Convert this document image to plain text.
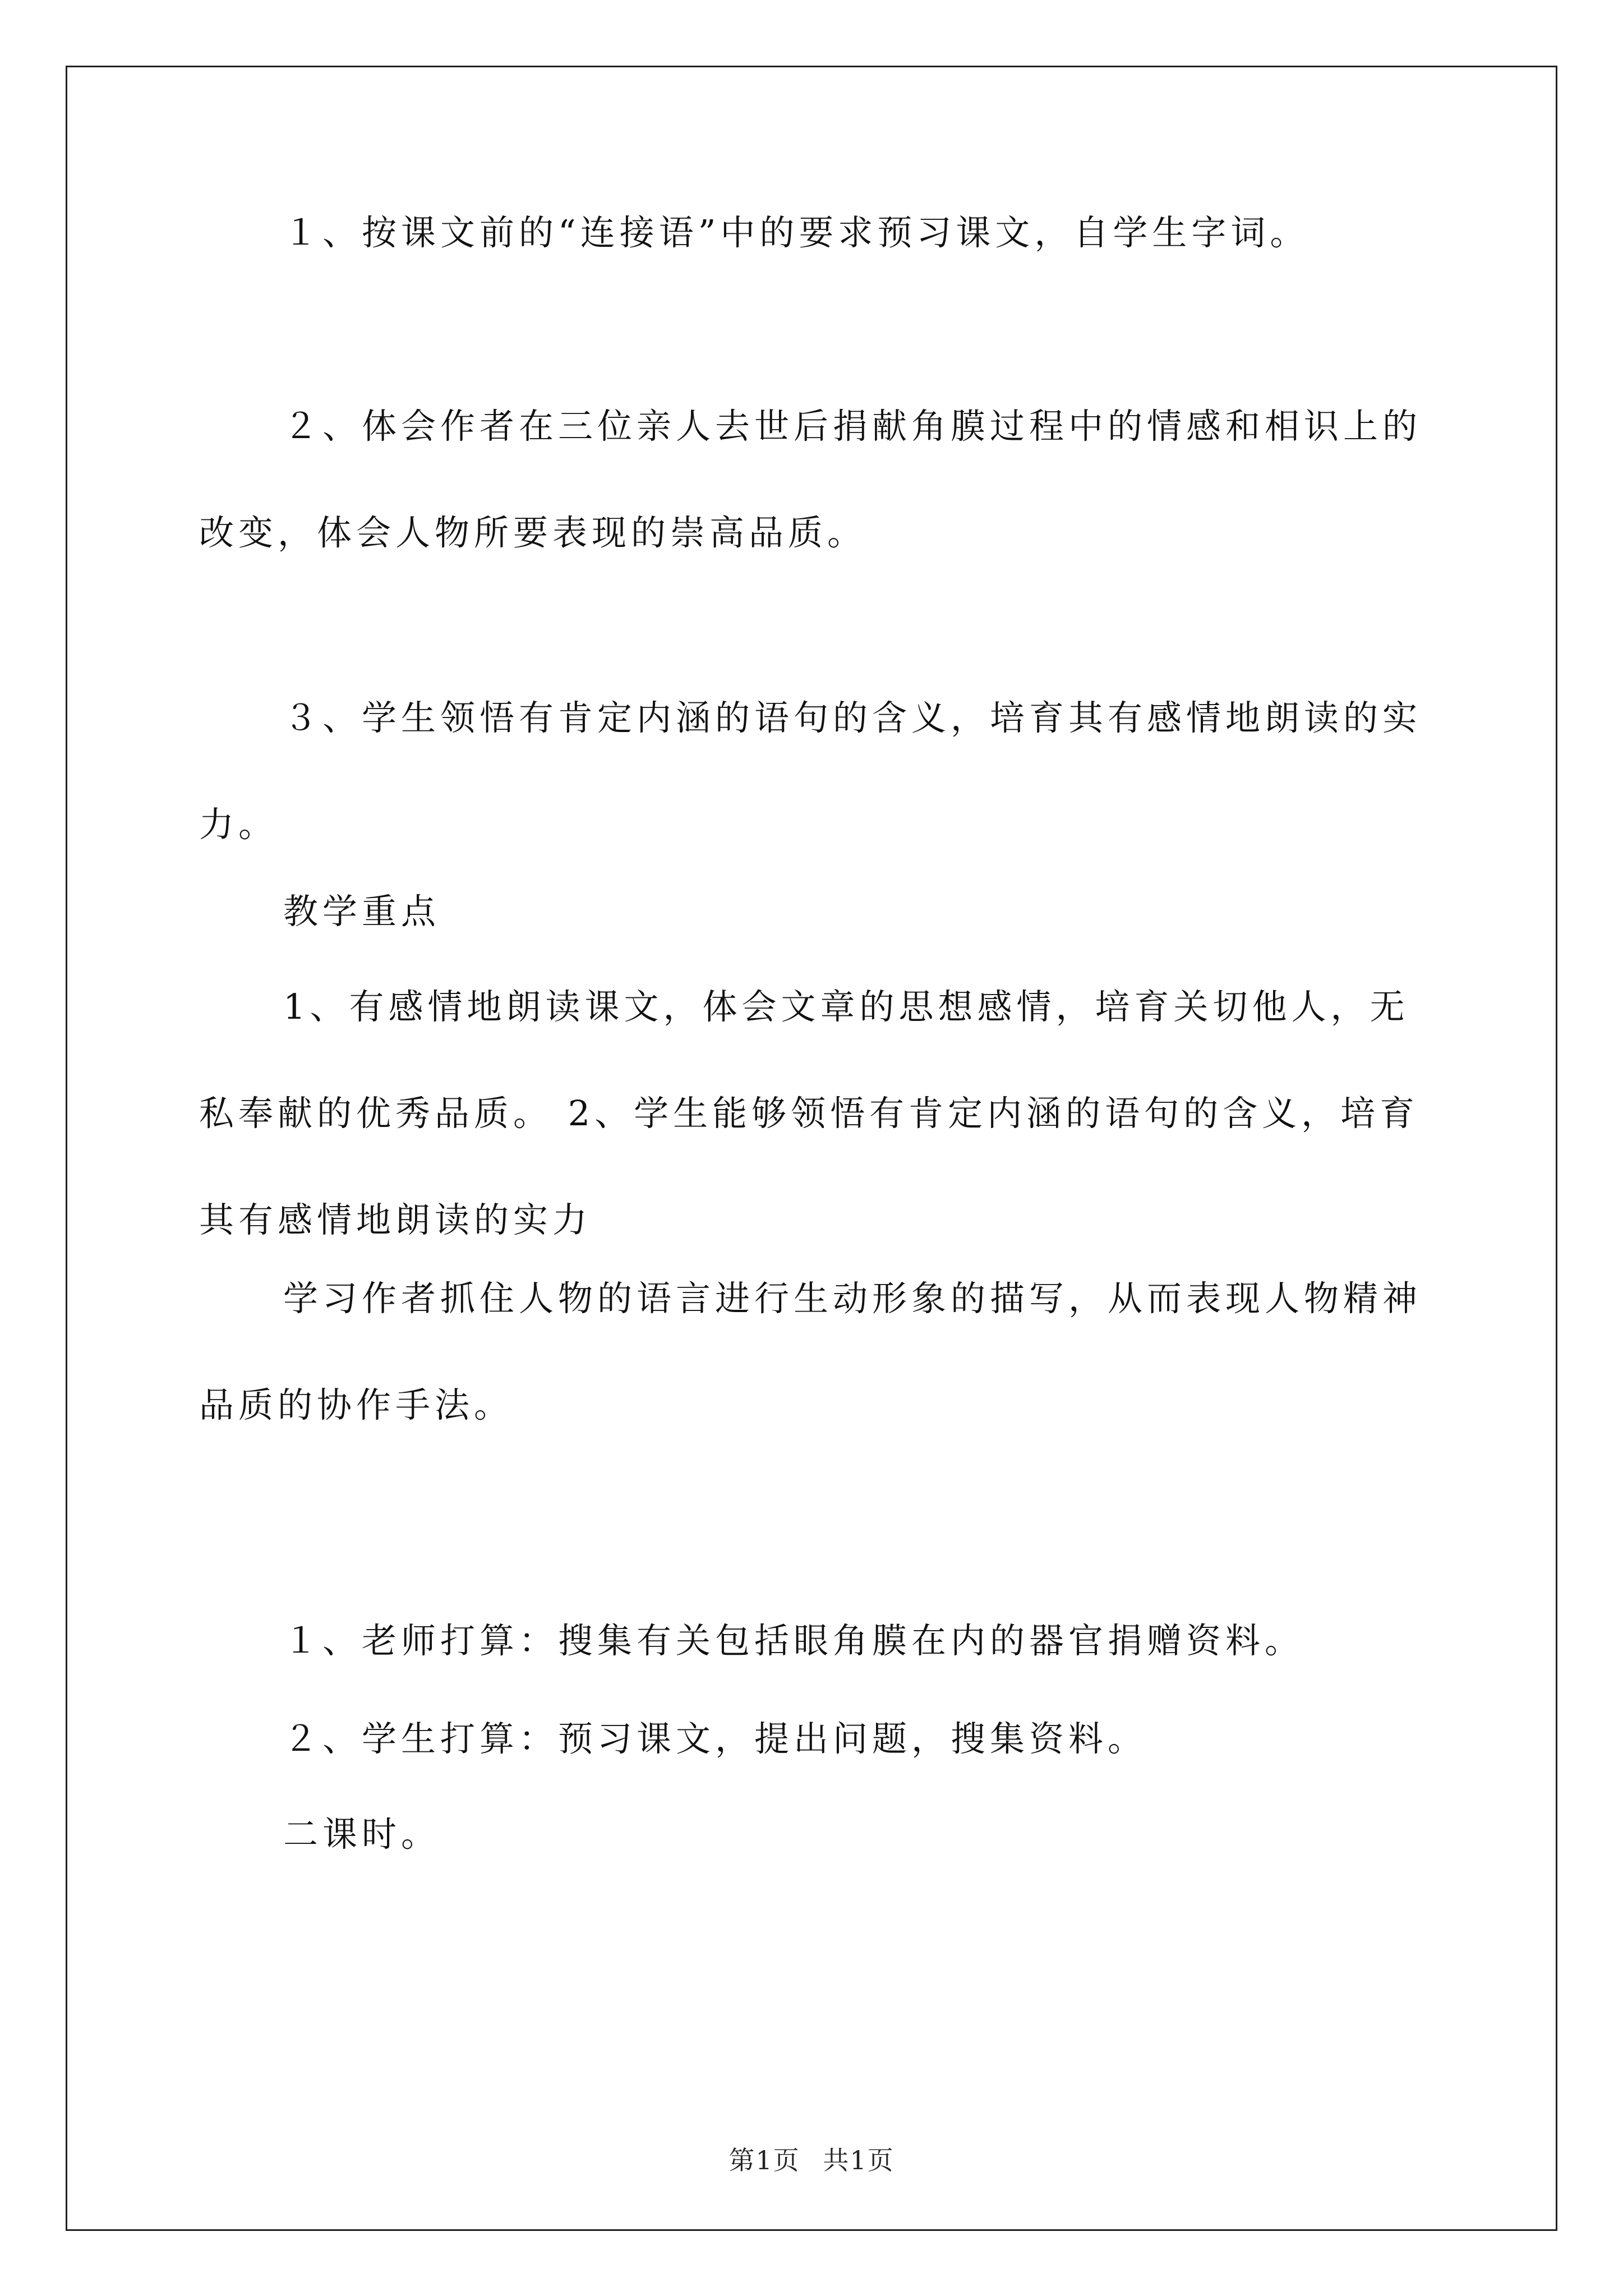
１、按课文前的“连接语”中的要求预习课文，自学生字词。

２、体会作者在三位亲人去世后捐献角膜过程中的情感和相识上的改变，体会人物所要表现的崇高品质。

３、学生领悟有肯定内涵的语句的含义，培育其有感情地朗读的实力。

教学重点

1、有感情地朗读课文，体会文章的思想感情，培育关切他人，无私奉献的优秀品质。 2、学生能够领悟有肯定内涵的语句的含义，培育其有感情地朗读的实力

学习作者抓住人物的语言进行生动形象的描写，从而表现人物精神品质的协作手法。

１、老师打算：搜集有关包括眼角膜在内的器官捐赠资料。

２、学生打算：预习课文，提出问题，搜集资料。

二课时。

第1页 共1页
